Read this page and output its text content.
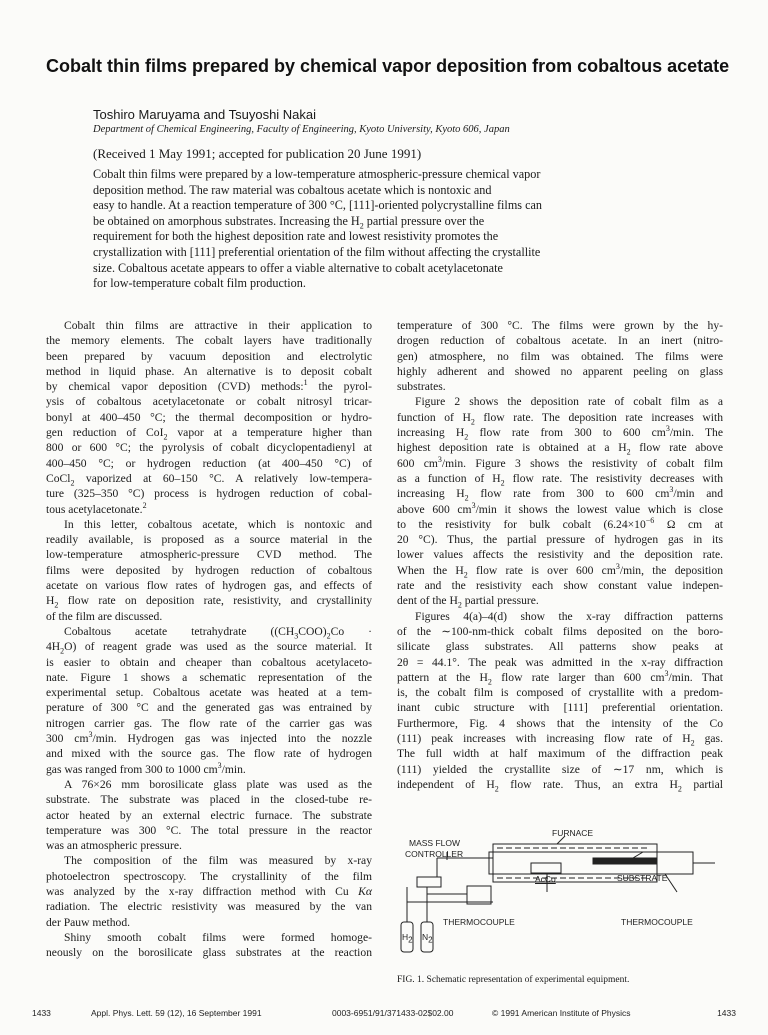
Cobalt thin films prepared by chemical vapor deposition from cobaltous acetate

Toshiro Maruyama and Tsuyoshi Nakai

Department of Chemical Engineering, Faculty of Engineering, Kyoto University, Kyoto 606, Japan

(Received 1 May 1991; accepted for publication 20 June 1991)

Cobalt thin films were prepared by a low-temperature atmospheric-pressure chemical vapor
deposition method. The raw material was cobaltous acetate which is nontoxic and
easy to handle. At a reaction temperature of 300 °C, [111]-oriented polycrystalline films can
be obtained on amorphous substrates. Increasing the $H_2$ partial pressure over the
requirement for both the highest deposition rate and lowest resistivity promotes the
crystallization with [111] preferential orientation of the film without affecting the crystallite
size. Cobaltous acetate appears to offer a viable alternative to cobalt acetylacetonate
for low-temperature cobalt film production.
Cobalt thin films are attractive in their application to
the memory elements. The cobalt layers have traditionally
been prepared by vacuum deposition and electrolytic
method in liquid phase. An alternative is to deposit cobalt
by chemical vapor deposition (CVD) methods:$^1$ the pyrol-
ysis of cobaltous acetylacetonate or cobalt nitrosyl tricar-
bonyl at 400–450 °C; the thermal decomposition or hydro-
gen reduction of CoI$_2$ vapor at a temperature higher than
800 or 600 °C; the pyrolysis of cobalt dicyclopentadienyl at
400–450 °C; or hydrogen reduction (at 400–450 °C) of
CoCl$_2$ vaporized at 60–150 °C. A relatively low-tempera-
ture (325–350 °C) process is hydrogen reduction of cobal-
tous acetylacetonate.$^2$
In this letter, cobaltous acetate, which is nontoxic and
readily available, is proposed as a source material in the
low-temperature atmospheric-pressure CVD method. The
films were deposited by hydrogen reduction of cobaltous
acetate on various flow rates of hydrogen gas, and effects of
$H_2$ flow rate on deposition rate, resistivity, and crystallinity
of the film are discussed.
Cobaltous acetate tetrahydrate ($(CH_3COO)_2Co$ ·
$4H_2O$) of reagent grade was used as the source material. It
is easier to obtain and cheaper than cobaltous acetylaceto-
nate. Figure 1 shows a schematic representation of the
experimental setup. Cobaltous acetate was heated at a tem-
perature of 300 °C and the generated gas was entrained by
nitrogen carrier gas. The flow rate of the carrier gas was
300 $cm^3/\min$. Hydrogen gas was injected into the nozzle
and mixed with the source gas. The flow rate of hydrogen
gas was ranged from 300 to 1000 $cm^3/\min$.
A 76×26 mm borosilicate glass plate was used as the
substrate. The substrate was placed in the closed-tube re-
actor heated by an external electric furnace. The substrate
temperature was 300 °C. The total pressure in the reactor
was an atmospheric pressure.
The composition of the film was measured by x-ray
photoelectron spectroscopy. The crystallinity of the film
was analyzed by the x-ray diffraction method with Cu Kα
radiation. The electric resistivity was measured by the van
der Pauw method.
Shiny smooth cobalt films were formed homoge-
neously on the borosilicate glass substrates at the reaction
temperature of 300 °C. The films were grown by the hy-
drogen reduction of cobaltous acetate. In an inert (nitro-
gen) atmosphere, no film was obtained. The films were
highly adherent and showed no apparent peeling on glass
substrates.
Figure 2 shows the deposition rate of cobalt film as a
function of $H_2$ flow rate. The deposition rate increases with
increasing $H_2$ flow rate from 300 to 600 $cm^3/\min$. The
highest deposition rate is obtained at a $H_2$ flow rate above
600 $cm^3/\min$. Figure 3 shows the resistivity of cobalt film
as a function of $H_2$ flow rate. The resistivity decreases with
increasing $H_2$ flow rate from 300 to 600 $cm^3/\min$ and
above 600 $cm^3/\min$ it shows the lowest value which is close
to the resistivity for bulk cobalt ($6.24\times 10^{-6}$ Ω cm at
20 °C). Thus, the partial pressure of hydrogen gas in its
lower values affects the resistivity and the deposition rate.
When the $H_2$ flow rate is over 600 $cm^3/\min$, the deposition
rate and the resistivity each show constant value indepen-
dent of the $H_2$ partial pressure.
Figures 4(a)–4(d) show the x-ray diffraction patterns
of the ∼100-nm-thick cobalt films deposited on the boro-
silicate glass substrates. All patterns show peaks at
2θ = 44.1°. The peak was admitted in the x-ray diffraction
pattern at the $H_2$ flow rate larger than 600 $cm^3/\min$. That
is, the cobalt film is composed of crystallite with a predom-
inant cubic structure with [111] preferential orientation.
Furthermore, Fig. 4 shows that the intensity of the Co
(111) peak increases with increasing flow rate of $H_2$ gas.
The full width at half maximum of the diffraction peak
(111) yielded the crystallite size of ∼17 nm, which is
independent of $H_2$ flow rate. Thus, an extra $H_2$ partial
FURNACE
MASS FLOW
CONTROLLER
SUBSTRATE
AcCo
THERMOCOUPLE	THERMOCOUPLE
$H_2$ $N_2$

FIG. 1. Schematic representation of experimental equipment.

1433	Appl. Phys. Lett. 59 (12), 16 September 1991	0003-6951/91/371433-02$02.00	© 1991 American Institute of Physics	1433
